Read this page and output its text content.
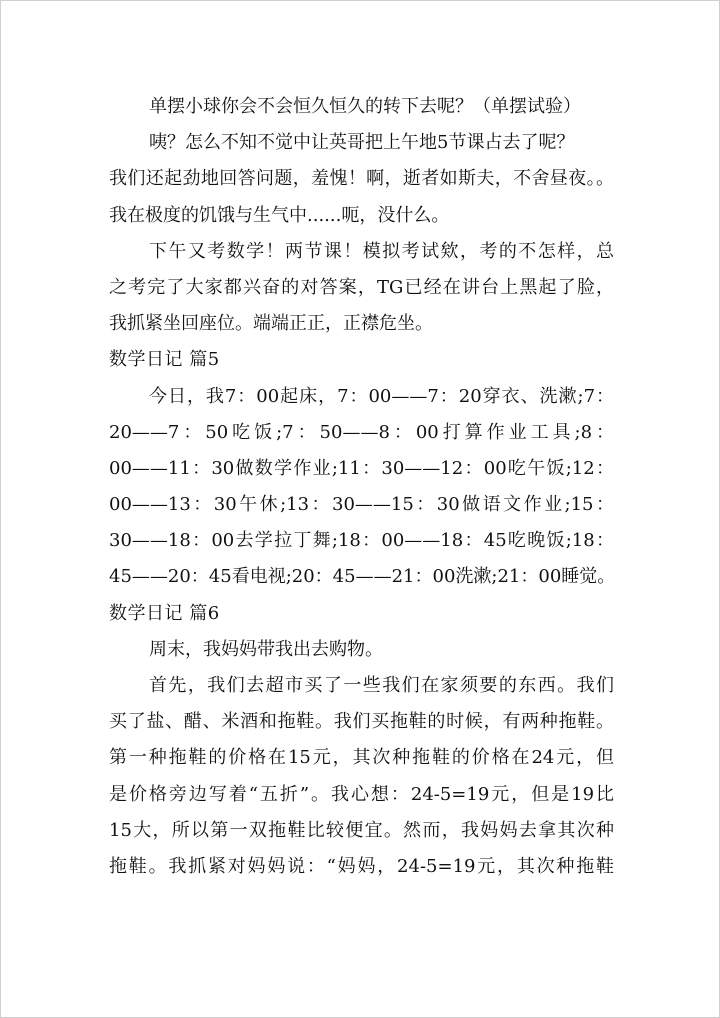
单摆小球你会不会恒久恒久的转下去呢？（单摆试验）
咦？怎么不知不觉中让英哥把上午地5节课占去了呢？
我们还起劲地回答问题，羞愧！啊，逝者如斯夫，不舍昼夜。。
我在极度的饥饿与生气中......呃，没什么。
下午又考数学！两节课！模拟考试欸，考的不怎样，总
之考完了大家都兴奋的对答案，TG已经在讲台上黑起了脸，
我抓紧坐回座位。端端正正，正襟危坐。
数学日记 篇5
今日，我7：00起床，7：00——7：20穿衣、洗漱;7：
20——7：50吃饭;7：50——8：00打算作业工具;8：
00——11：30做数学作业;11：30——12：00吃午饭;12：
00——13：30午休;13：30——15：30做语文作业;15：
30——18：00去学拉丁舞;18：00——18：45吃晚饭;18：
45——20：45看电视;20：45——21：00洗漱;21：00睡觉。
数学日记 篇6
周末，我妈妈带我出去购物。
首先，我们去超市买了一些我们在家须要的东西。我们
买了盐、醋、米酒和拖鞋。我们买拖鞋的时候，有两种拖鞋。
第一种拖鞋的价格在15元，其次种拖鞋的价格在24元，但
是价格旁边写着“五折”。我心想：24-5=19元，但是19比
15大，所以第一双拖鞋比较便宜。然而，我妈妈去拿其次种
拖鞋。我抓紧对妈妈说：“妈妈，24-5=19元，其次种拖鞋
